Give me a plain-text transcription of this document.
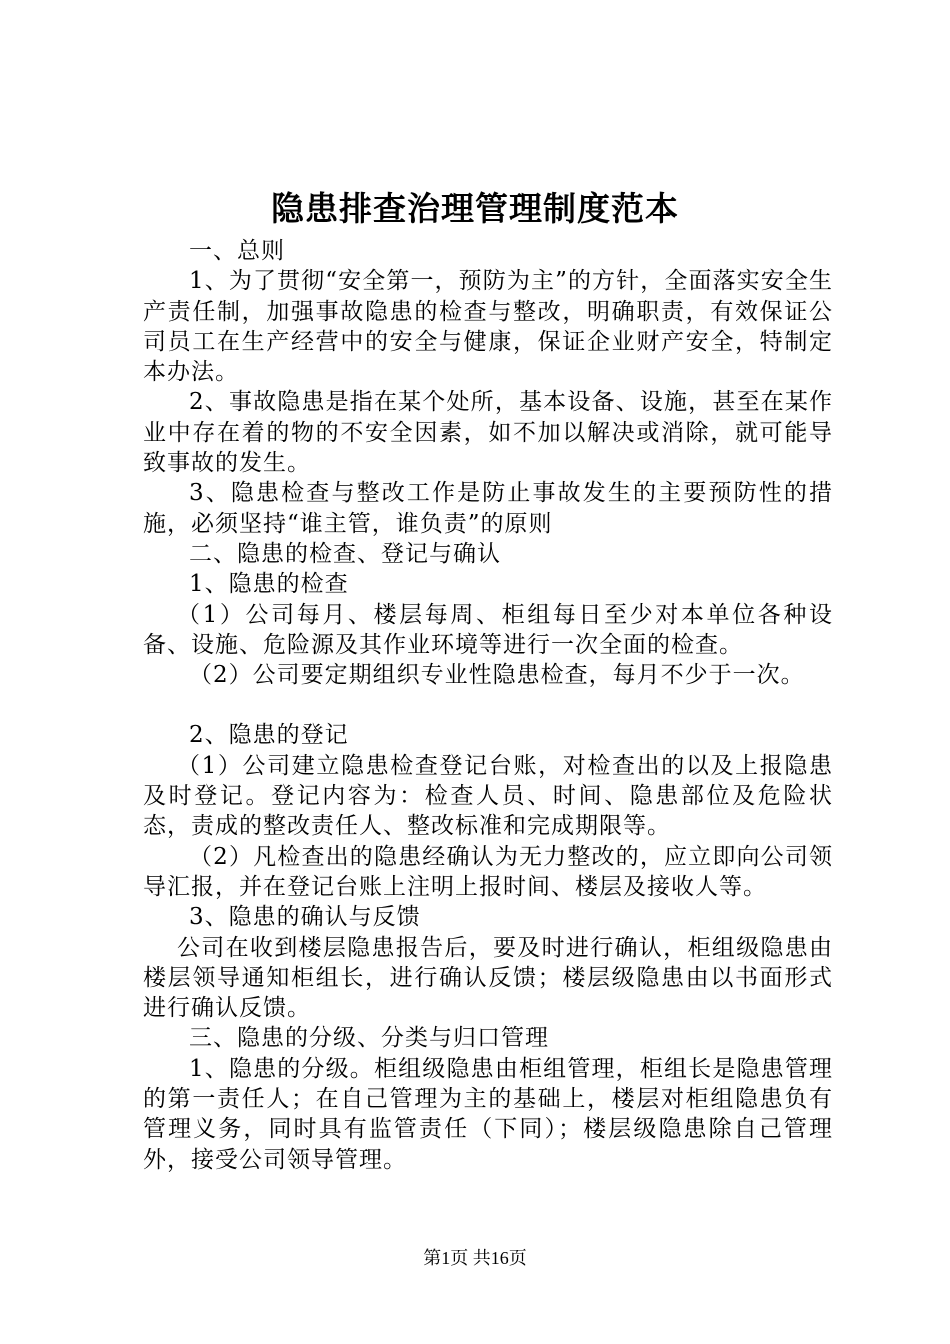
隐患排查治理管理制度范本

一、总则

1、为了贯彻“安全第一，预防为主”的方针，全面落实安全生产责任制，加强事故隐患的检查与整改，明确职责，有效保证公司员工在生产经营中的安全与健康，保证企业财产安全，特制定本办法。

2、事故隐患是指在某个处所，基本设备、设施，甚至在某作业中存在着的物的不安全因素，如不加以解决或消除，就可能导致事故的发生。

3、隐患检查与整改工作是防止事故发生的主要预防性的措施，必须坚持“谁主管，谁负责”的原则

二、隐患的检查、登记与确认

1、隐患的检查

（1）公司每月、楼层每周、柜组每日至少对本单位各种设备、设施、危险源及其作业环境等进行一次全面的检查。

（2）公司要定期组织专业性隐患检查，每月不少于一次。

2、隐患的登记

（1）公司建立隐患检查登记台账，对检查出的以及上报隐患及时登记。登记内容为：检查人员、时间、隐患部位及危险状态，责成的整改责任人、整改标准和完成期限等。

（2）凡检查出的隐患经确认为无力整改的，应立即向公司领导汇报，并在登记台账上注明上报时间、楼层及接收人等。

3、隐患的确认与反馈

公司在收到楼层隐患报告后，要及时进行确认，柜组级隐患由楼层领导通知柜组长，进行确认反馈；楼层级隐患由以书面形式进行确认反馈。

三、隐患的分级、分类与归口管理

1、隐患的分级。柜组级隐患由柜组管理，柜组长是隐患管理的第一责任人；在自己管理为主的基础上，楼层对柜组隐患负有管理义务，同时具有监管责任（下同）；楼层级隐患除自己管理外，接受公司领导管理。

第1页 共16页
